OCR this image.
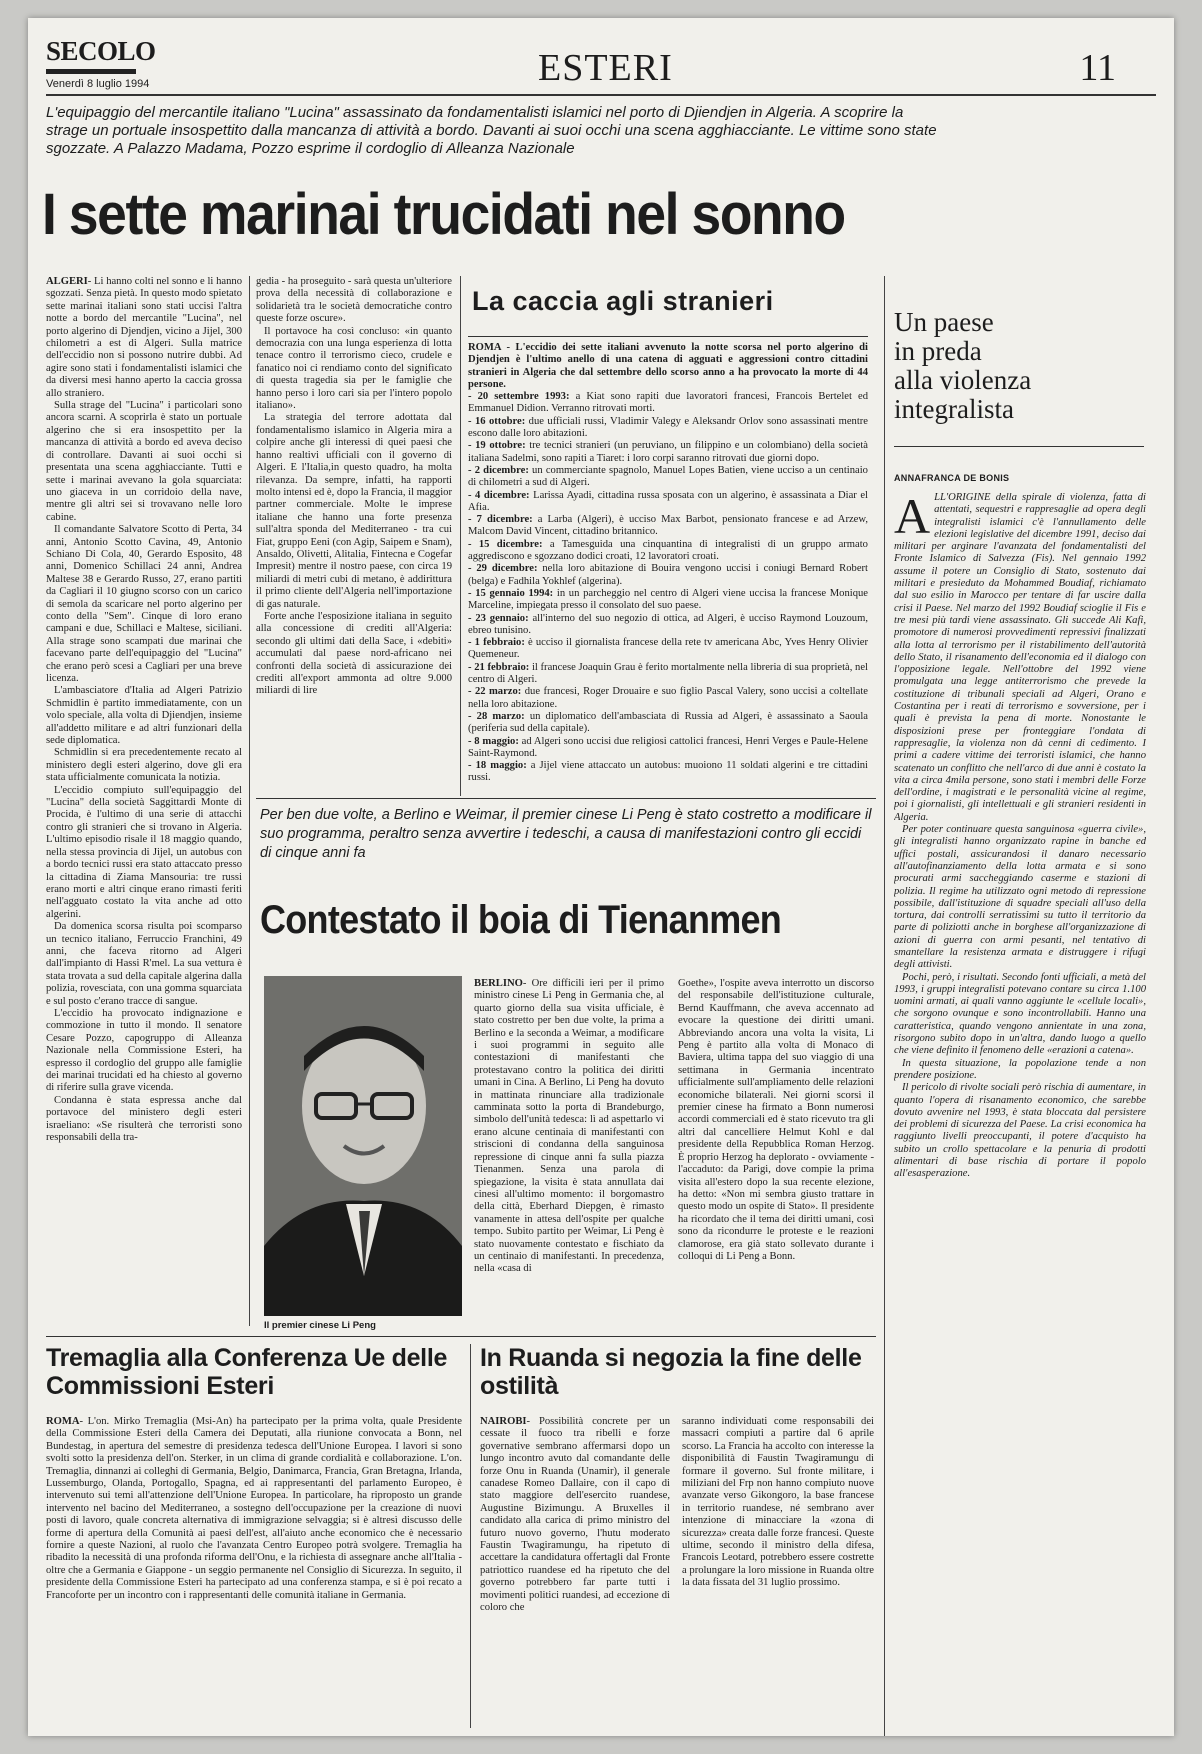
SECOLO
Venerdì 8 luglio 1994	ESTERI	11
L'equipaggio del mercantile italiano "Lucina" assassinato da fondamentalisti islamici nel porto di Djiendjen in Algeria. A scoprire la strage un portuale insospettito dalla mancanza di attività a bordo. Davanti ai suoi occhi una scena agghiacciante. Le vittime sono state sgozzate. A Palazzo Madama, Pozzo esprime il cordoglio di Alleanza Nazionale
I sette marinai trucidati nel sonno

ALGERI- Li hanno colti nel sonno e li hanno sgozzati. Senza pietà. In questo modo spietato sette marinai italiani sono stati uccisi l'altra notte a bordo del mercantile "Lucina", nel porto algerino di Djendjen, vicino a Jijel, 300 chilometri a est di Algeri. Sulla matrice dell'eccidio non si possono nutrire dubbi. Ad agire sono stati i fondamentalisti islamici che da diversi mesi hanno aperto la caccia grossa allo straniero.

Sulla strage del "Lucina" i particolari sono ancora scarni. A scoprirla è stato un portuale algerino che si era insospettito per la mancanza di attività a bordo ed aveva deciso di controllare. Davanti ai suoi occhi si presentata una scena agghiacciante. Tutti e sette i marinai avevano la gola squarciata: uno giaceva in un corridoio della nave, mentre gli altri sei si trovavano nelle loro cabine.

Il comandante Salvatore Scotto di Perta, 34 anni, Antonio Scotto Cavina, 49, Antonio Schiano Di Cola, 40, Gerardo Esposito, 48 anni, Domenico Schillaci 24 anni, Andrea Maltese 38 e Gerardo Russo, 27, erano partiti da Cagliari il 10 giugno scorso con un carico di semola da scaricare nel porto algerino per conto della "Sem". Cinque di loro erano campani e due, Schillaci e Maltese, siciliani. Alla strage sono scampati due marinai che facevano parte dell'equipaggio del "Lucina" che erano però scesi a Cagliari per una breve licenza.

L'ambasciatore d'Italia ad Algeri Patrizio Schmidlin è partito immediatamente, con un volo speciale, alla volta di Djiendjen, insieme all'addetto militare e ad altri funzionari della sede diplomatica.

Schmidlin si era precedentemente recato al ministero degli esteri algerino, dove gli era stata ufficialmente comunicata la notizia.

L'eccidio compiuto sull'equipaggio del "Lucina" della società Saggittardi Monte di Procida, è l'ultimo di una serie di attacchi contro gli stranieri che si trovano in Algeria. L'ultimo episodio risale il 18 maggio quando, nella stessa provincia di Jijel, un autobus con a bordo tecnici russi era stato attaccato presso la cittadina di Ziama Mansouria: tre russi erano morti e altri cinque erano rimasti feriti nell'agguato costato la vita anche ad otto algerini.

Da domenica scorsa risulta poi scomparso un tecnico italiano, Ferruccio Franchini, 49 anni, che faceva ritorno ad Algeri dall'impianto di Hassi R'mel. La sua vettura è stata trovata a sud della capitale algerina dalla polizia, rovesciata, con una gomma squarciata e sul posto c'erano tracce di sangue.

L'eccidio ha provocato indignazione e commozione in tutto il mondo. Il senatore Cesare Pozzo, capogruppo di Alleanza Nazionale nella Commissione Esteri, ha espresso il cordoglio del gruppo alle famiglie dei marinai trucidati ed ha chiesto al governo di riferire sulla grave vicenda.

Condanna è stata espressa anche dal portavoce del ministero degli esteri israeliano: «Se risulterà che terroristi sono responsabili della tra-

gedia - ha proseguito - sarà questa un'ulteriore prova della necessità di collaborazione e solidarietà tra le società democratiche contro queste forze oscure».

Il portavoce ha così concluso: «in quanto democrazia con una lunga esperienza di lotta tenace contro il terrorismo cieco, crudele e fanatico noi ci rendiamo conto del significato di questa tragedia sia per le famiglie che hanno perso i loro cari sia per l'intero popolo italiano».

La strategia del terrore adottata dal fondamentalismo islamico in Algeria mira a colpire anche gli interessi di quei paesi che hanno realtivi ufficiali con il governo di Algeri. E l'Italia,in questo quadro, ha molta rilevanza. Da sempre, infatti, ha rapporti molto intensi ed è, dopo la Francia, il maggior partner commerciale. Molte le imprese italiane che hanno una forte presenza sull'altra sponda del Mediterraneo - tra cui Fiat, gruppo Eeni (con Agip, Saipem e Snam), Ansaldo, Olivetti, Alitalia, Fintecna e Cogefar Impresit) mentre il nostro paese, con circa 19 miliardi di metri cubi di metano, è addirittura il primo cliente dell'Algeria nell'importazione di gas naturale.

Forte anche l'esposizione italiana in seguito alla concessione di crediti all'Algeria: secondo gli ultimi dati della Sace, i «debiti» accumulati dal paese nord-africano nei confronti della società di assicurazione dei crediti all'export ammonta ad oltre 9.000 miliardi di lire

La caccia agli stranieri

ROMA - L'eccidio dei sette italiani avvenuto la notte scorsa nel porto algerino di Djendjen è l'ultimo anello di una catena di agguati e aggressioni contro cittadini stranieri in Algeria che dal settembre dello scorso anno a ha provocato la morte di 44 persone.

- 20 settembre 1993: a Kiat sono rapiti due lavoratori francesi, Francois Bertelet ed Emmanuel Didion. Verranno ritrovati morti.

- 16 ottobre: due ufficiali russi, Vladimir Valegy e Aleksandr Orlov sono assassinati mentre escono dalle loro abitazioni.

- 19 ottobre: tre tecnici stranieri (un peruviano, un filippino e un colombiano) della società italiana Sadelmi, sono rapiti a Tiaret: i loro corpi saranno ritrovati due giorni dopo.

- 2 dicembre: un commerciante spagnolo, Manuel Lopes Batien, viene ucciso a un centinaio di chilometri a sud di Algeri.

- 4 dicembre: Larissa Ayadi, cittadina russa sposata con un algerino, è assassinata a Diar el Afia.

- 7 dicembre: a Larba (Algeri), è ucciso Max Barbot, pensionato francese e ad Arzew, Malcom David Vincent, cittadino britannico.

- 15 dicembre: a Tamesguida una cinquantina di integralisti di un gruppo armato aggrediscono e sgozzano dodici croati, 12 lavoratori croati.

- 29 dicembre: nella loro abitazione di Bouira vengono uccisi i coniugi Bernard Robert (belga) e Fadhila Yokhlef (algerina).

- 15 gennaio 1994: in un parcheggio nel centro di Algeri viene uccisa la francese Monique Marceline, impiegata presso il consolato del suo paese.

- 23 gennaio: all'interno del suo negozio di ottica, ad Algeri, è ucciso Raymond Louzoum, ebreo tunisino.

- 1 febbraio: è ucciso il giornalista francese della rete tv americana Abc, Yves Henry Olivier Quemeneur.

- 21 febbraio: il francese Joaquin Grau è ferito mortalmente nella libreria di sua proprietà, nel centro di Algeri.

- 22 marzo: due francesi, Roger Drouaire e suo figlio Pascal Valery, sono uccisi a coltellate nella loro abitazione.

- 28 marzo: un diplomatico dell'ambasciata di Russia ad Algeri, è assassinato a Saoula (periferia sud della capitale).

- 8 maggio: ad Algeri sono uccisi due religiosi cattolici francesi, Henri Verges e Paule-Helene Saint-Raymond.

- 18 maggio: a Jijel viene attaccato un autobus: muoiono 11 soldati algerini e tre cittadini russi.

Un paese
in preda
alla violenza
integralista
ANNAFRANCA DE BONIS

ALL'ORIGINE della spirale di violenza, fatta di attentati, sequestri e rappresaglie ad opera degli integralisti islamici c'è l'annullamento delle elezioni legislative del dicembre 1991, deciso dai militari per arginare l'avanzata del fondamentalisti del Fronte Islamico di Salvezza (Fis). Nel gennaio 1992 assume il potere un Consiglio di Stato, sostenuto dai militari e presieduto da Mohammed Boudiaf, richiamato dal suo esilio in Marocco per tentare di far uscire dalla crisi il Paese. Nel marzo del 1992 Boudiaf scioglie il Fis e tre mesi più tardi viene assassinato. Gli succede Ali Kafi, promotore di numerosi provvedimenti repressivi finalizzati alla lotta al terrorismo per il ristabilimento dell'autorità dello Stato, il risanamento dell'economia ed il dialogo con l'opposizione legale. Nell'ottobre del 1992 viene promulgata una legge antiterrorismo che prevede la costituzione di tribunali speciali ad Algeri, Orano e Costantina per i reati di terrorismo e sovversione, per i quali è prevista la pena di morte. Nonostante le disposizioni prese per fronteggiare l'ondata di rappresaglie, la violenza non dà cenni di cedimento. I primi a cadere vittime dei terroristi islamici, che hanno scatenato un conflitto che nell'arco di due anni è costato la vita a circa 4mila persone, sono stati i membri delle Forze dell'ordine, i magistrati e le personalità vicine al regime, poi i giornalisti, gli intellettuali e gli stranieri residenti in Algeria.

Per poter continuare questa sanguinosa «guerra civile», gli integralisti hanno organizzato rapine in banche ed uffici postali, assicurandosi il danaro necessario all'autofinanziamento della lotta armata e si sono procurati armi saccheggiando caserme e stazioni di polizia. Il regime ha utilizzato ogni metodo di repressione possibile, dall'istituzione di squadre speciali all'uso della tortura, dai controlli serratissimi su tutto il territorio da parte di poliziotti anche in borghese all'organizzazione di azioni di guerra con armi pesanti, nel tentativo di smantellare la resistenza armata e distruggere i rifugi degli attivisti.

Pochi, però, i risultati. Secondo fonti ufficiali, a metà del 1993, i gruppi integralisti potevano contare su circa 1.100 uomini armati, ai quali vanno aggiunte le «cellule locali», che sorgono ovunque e sono incontrollabili. Hanno una caratteristica, quando vengono annientate in una zona, risorgono subito dopo in un'altra, dando luogo a quello che viene definito il fenomeno delle «erazioni a catena».

In questa situazione, la popolazione tende a non prendere posizione.

Il pericolo di rivolte sociali però rischia di aumentare, in quanto l'opera di risanamento economico, che sarebbe dovuto avvenire nel 1993, è stata bloccata dal persistere dei problemi di sicurezza del Paese. La crisi economica ha raggiunto livelli preoccupanti, il potere d'acquisto ha subito un crollo spettacolare e la penuria di prodotti alimentari di base rischia di portare il popolo all'esasperazione.

Per ben due volte, a Berlino e Weimar, il premier cinese Li Peng è stato costretto a modificare il suo programma, peraltro senza avvertire i tedeschi, a causa di manifestazioni contro gli eccidi di cinque anni fa
Contestato il boia di Tienanmen
Il premier cinese Li Peng

BERLINO- Ore difficili ieri per il primo ministro cinese Li Peng in Germania che, al quarto giorno della sua visita ufficiale, è stato costretto per ben due volte, la prima a Berlino e la seconda a Weimar, a modificare i suoi programmi in seguito alle contestazioni di manifestanti che protestavano contro la politica dei diritti umani in Cina. A Berlino, Li Peng ha dovuto in mattinata rinunciare alla tradizionale camminata sotto la porta di Brandeburgo, simbolo dell'unità tedesca: lì ad aspettarlo vi erano alcune centinaia di manifestanti con striscioni di condanna della sanguinosa repressione di cinque anni fa sulla piazza Tienanmen. Senza una parola di spiegazione, la visita è stata annullata dai cinesi all'ultimo momento: il borgomastro della città, Eberhard Diepgen, è rimasto vanamente in attesa dell'ospite per qualche tempo. Subito partito per Weimar, Li Peng è stato nuovamente contestato e fischiato da un centinaio di manifestanti. In precedenza, nella «casa di

Goethe», l'ospite aveva interrotto un discorso del responsabile dell'istituzione culturale, Bernd Kauffmann, che aveva accennato ad evocare la questione dei diritti umani. Abbreviando ancora una volta la visita, Li Peng è partito alla volta di Monaco di Baviera, ultima tappa del suo viaggio di una settimana in Germania incentrato ufficialmente sull'ampliamento delle relazioni economiche bilaterali. Nei giorni scorsi il premier cinese ha firmato a Bonn numerosi accordi commerciali ed è stato ricevuto tra gli altri dal cancelliere Helmut Kohl e dal presidente della Repubblica Roman Herzog. È proprio Herzog ha deplorato - ovviamente - l'accaduto: da Parigi, dove compie la prima visita all'estero dopo la sua recente elezione, ha detto: «Non mi sembra giusto trattare in questo modo un ospite di Stato». Il presidente ha ricordato che il tema dei diritti umani, così sono da ricondurre le proteste e le reazioni clamorose, era già stato sollevato durante i colloqui di Li Peng a Bonn.

Tremaglia alla Conferenza Ue delle Commissioni Esteri

ROMA- L'on. Mirko Tremaglia (Msi-An) ha partecipato per la prima volta, quale Presidente della Commissione Esteri della Camera dei Deputati, alla riunione convocata a Bonn, nel Bundestag, in apertura del semestre di presidenza tedesca dell'Unione Europea. I lavori si sono svolti sotto la presidenza dell'on. Sterker, in un clima di grande cordialità e collaborazione. L'on. Tremaglia, dinnanzi ai colleghi di Germania, Belgio, Danimarca, Francia, Gran Bretagna, Irlanda, Lussemburgo, Olanda, Portogallo, Spagna, ed ai rappresentanti del parlamento Europeo, è intervenuto sui temi all'attenzione dell'Unione Europea. In particolare, ha riproposto un grande intervento nel bacino del Mediterraneo, a sostegno dell'occupazione per la creazione di nuovi posti di lavoro, quale concreta alternativa di immigrazione selvaggia; si è altresì discusso delle forme di apertura della Comunità ai paesi dell'est, all'aiuto anche economico che è necessario fornire a queste Nazioni, al ruolo che l'avanzata Centro Europeo potrà svolgere. Tremaglia ha ribadito la necessità di una profonda riforma dell'Onu, e la richiesta di assegnare anche all'Italia - oltre che a Germania e Giappone - un seggio permanente nel Consiglio di Sicurezza. In seguito, il presidente della Commissione Esteri ha partecipato ad una conferenza stampa, e si è poi recato a Francoforte per un incontro con i rappresentanti delle comunità italiane in Germania.

In Ruanda si negozia la fine delle ostilità

NAIROBI- Possibilità concrete per un cessate il fuoco tra ribelli e forze governative sembrano affermarsi dopo un lungo incontro avuto dal comandante delle forze Onu in Ruanda (Unamir), il generale canadese Romeo Dallaire, con il capo di stato maggiore dell'esercito ruandese, Augustine Bizimungu. A Bruxelles il candidato alla carica di primo ministro del futuro nuovo governo, l'hutu moderato Faustin Twagiramungu, ha ripetuto di accettare la candidatura offertagli dal Fronte patriottico ruandese ed ha ripetuto che del governo potrebbero far parte tutti i movimenti politici ruandesi, ad eccezione di coloro che

saranno individuati come responsabili dei massacri compiuti a partire dal 6 aprile scorso. La Francia ha accolto con interesse la disponibilità di Faustin Twagiramungu di formare il governo. Sul fronte militare, i miliziani del Frp non hanno compiuto nuove avanzate verso Gikongoro, la base francese in territorio ruandese, né sembrano aver intenzione di minacciare la «zona di sicurezza» creata dalle forze francesi. Queste ultime, secondo il ministro della difesa, Francois Leotard, potrebbero essere costrette a prolungare la loro missione in Ruanda oltre la data fissata del 31 luglio prossimo.
